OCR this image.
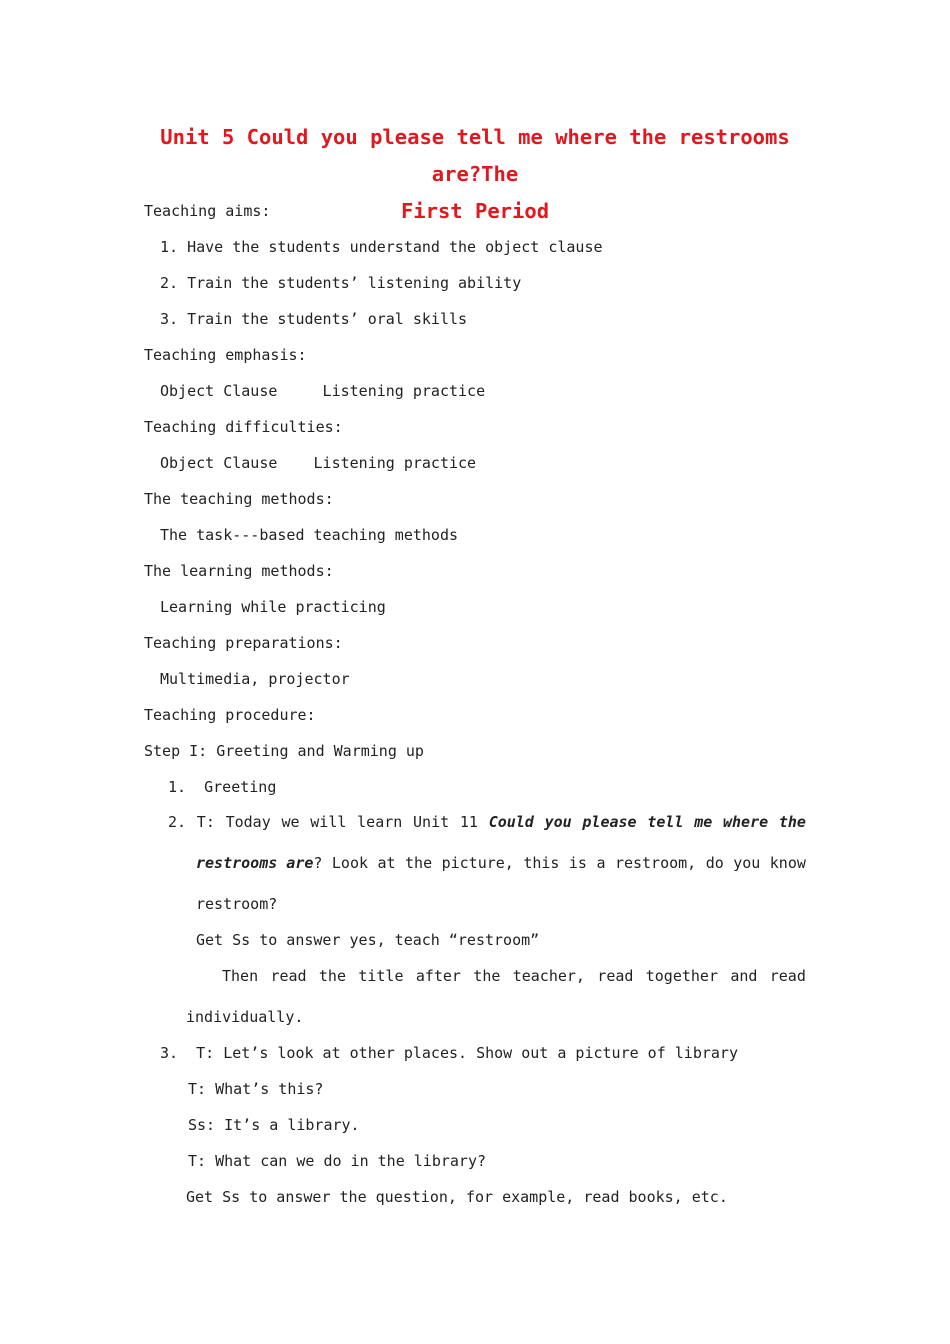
Unit 5 Could you please tell me where the restrooms are?The
First Period
Teaching aims:
1. Have the students understand the object clause
2. Train the students’ listening ability
3. Train the students’ oral skills
Teaching emphasis:
Object Clause     Listening practice
Teaching difficulties:
Object Clause    Listening practice
The teaching methods:
The task---based teaching methods
The learning methods:
Learning while practicing
Teaching preparations:
Multimedia, projector
Teaching procedure:
Step I: Greeting and Warming up
1.  Greeting
2. T: Today we will learn Unit 11 Could you please tell me where the
restrooms are? Look at the picture, this is a restroom, do you know
restroom?
Get Ss to answer yes, teach “restroom”
Then read the title after the teacher, read together and read
individually.
3.  T: Let’s look at other places. Show out a picture of library
T: What’s this?
Ss: It’s a library.
T: What can we do in the library?
Get Ss to answer the question, for example, read books, etc.
